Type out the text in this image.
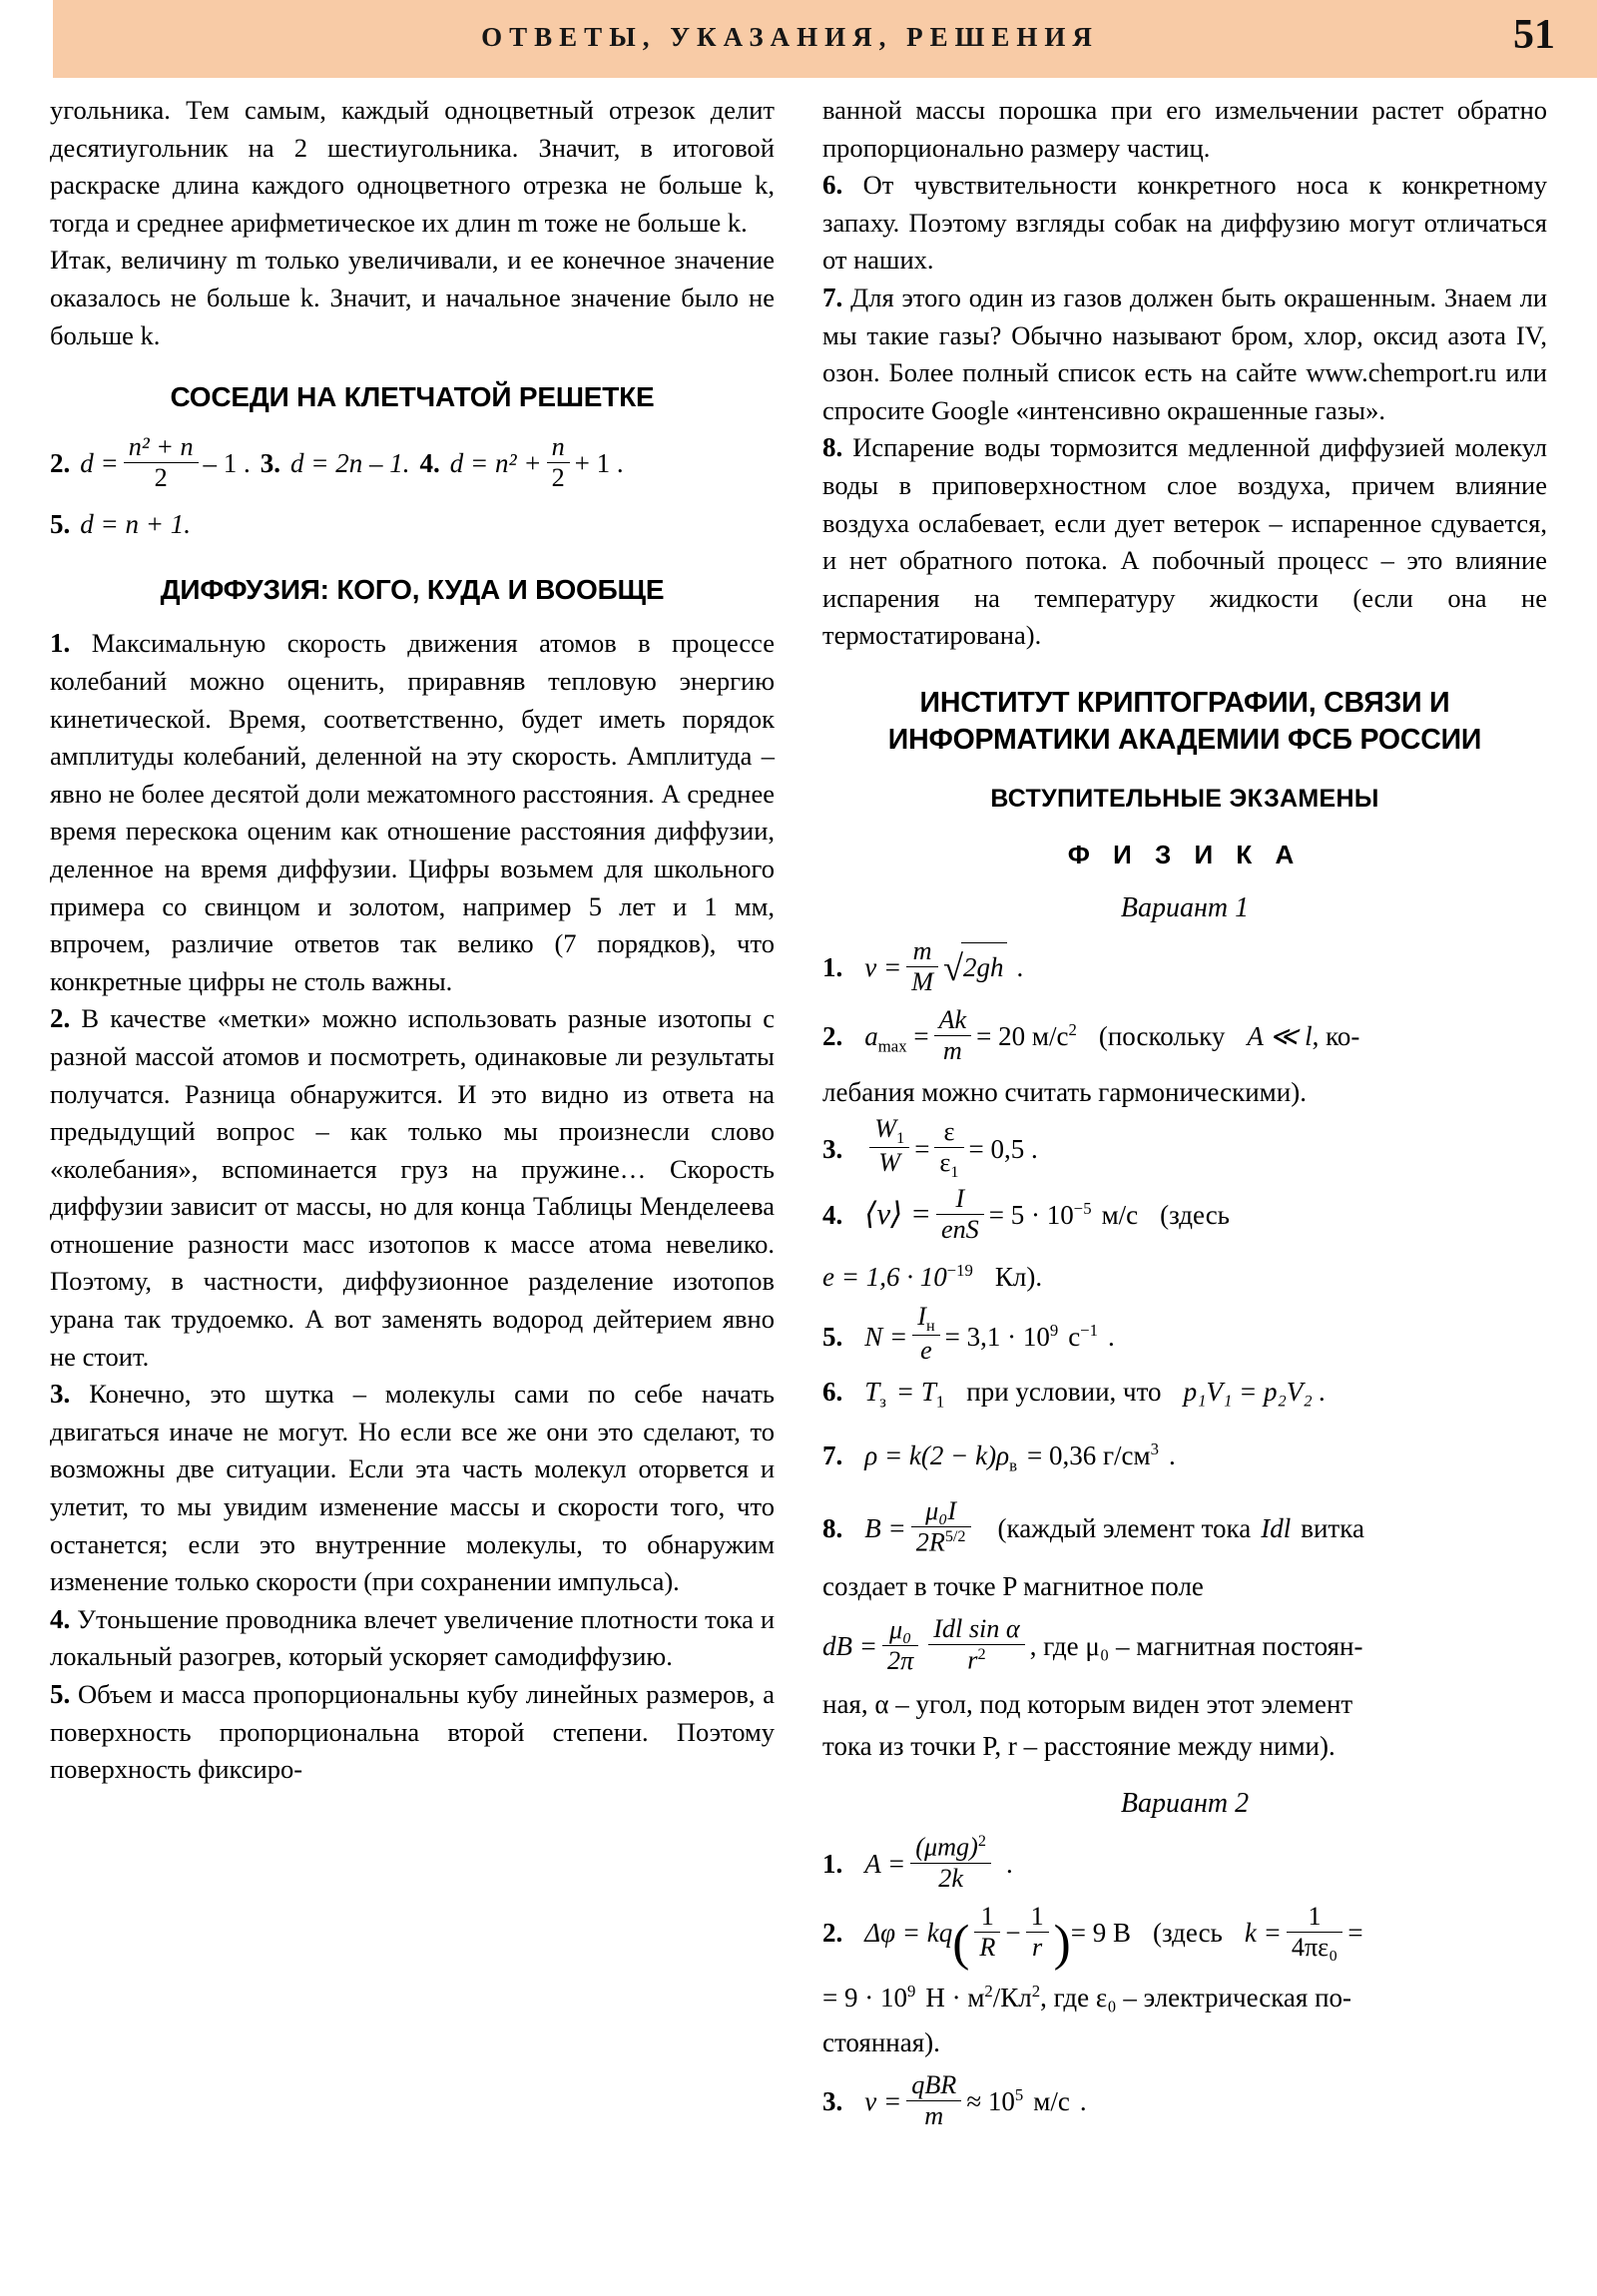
ОТВЕТЫ, УКАЗАНИЯ, РЕШЕНИЯ	51

угольника. Тем самым, каждый одноцветный отрезок делит десятиугольник на 2 шестиугольника. Значит, в итоговой раскраске длина каждого одноцветного отрезка не больше k, тогда и среднее арифметическое их длин m тоже не больше k.

Итак, величину m только увеличивали, и ее конечное значение оказалось не больше k. Значит, и начальное значение было не больше k.

СОСЕДИ НА КЛЕТЧАТОЙ РЕШЕТКЕ
2. $d = \frac{\text{n² + n}}{2} - 1$ . 3. d = 2n – 1. 4. $d = n^2 + \frac{n}{2} + 1$ .
5. d = n + 1.
ДИФФУЗИЯ: КОГО, КУДА И ВООБЩЕ

1. Максимальную скорость движения атомов в процессе колебаний можно оценить, приравняв тепловую энергию кинетической. Время, соответственно, будет иметь порядок амплитуды колебаний, деленной на эту скорость. Амплитуда – явно не более десятой доли межатомного расстояния. А среднее время перескока оценим как отношение расстояния диффузии, деленное на время диффузии. Цифры возьмем для школьного примера со свинцом и золотом, например 5 лет и 1 мм, впрочем, различие ответов так велико (7 порядков), что конкретные цифры не столь важны.

2. В качестве «метки» можно использовать разные изотопы с разной массой атомов и посмотреть, одинаковые ли результаты получатся. Разница обнаружится. И это видно из ответа на предыдущий вопрос – как только мы произнесли слово «колебания», вспоминается груз на пружине… Скорость диффузии зависит от массы, но для конца Таблицы Менделеева отношение разности масс изотопов к массе атома невелико. Поэтому, в частности, диффузионное разделение изотопов урана так трудоемко. А вот заменять водород дейтерием явно не стоит.

3. Конечно, это шутка – молекулы сами по себе начать двигаться иначе не могут. Но если все же они это сделают, то возможны две ситуации. Если эта часть молекул оторвется и улетит, то мы увидим изменение массы и скорости того, что останется; если это внутренние молекулы, то обнаружим изменение только скорости (при сохранении импульса).

4. Утоньшение проводника влечет увеличение плотности тока и локальный разогрев, который ускоряет самодиффузию.

5. Объем и масса пропорциональны кубу линейных размеров, а поверхность пропорциональна второй степени. Поэтому поверхность фиксиро-

ванной массы порошка при его измельчении растет обратно пропорционально размеру частиц.

6. От чувствительности конкретного носа к конкретному запаху. Поэтому взгляды собак на диффузию могут отличаться от наших.

7. Для этого один из газов должен быть окрашенным. Знаем ли мы такие газы? Обычно называют бром, хлор, оксид азота IV, озон. Более полный список есть на сайте www.chemport.ru или спросите Google «интенсивно окрашенные газы».

8. Испарение воды тормозится медленной диффузией молекул воды в приповерхностном слое воздуха, причем влияние воздуха ослабевает, если дует ветерок – испаренное сдувается, и нет обратного потока. А побочный процесс – это влияние испарения на температуру жидкости (если она не термостатирована).

ИНСТИТУТ КРИПТОГРАФИИ, СВЯЗИ И
ИНФОРМАТИКИ АКАДЕМИИ ФСБ РОССИИ
ВСТУПИТЕЛЬНЫЕ ЭКЗАМЕНЫ
Ф И З И К А
Вариант 1
1. $v = \frac{m}{M} √2gh$ .
2. $a_{max} = \frac{Ak}{m} = 20$ $м/с^2$ (поскольку A ≪ l, ко-
лебания можно считать гармоническими).
3. $\frac{W_1}{W} = \frac{\varepsilon}{\varepsilon_1} = 0,5$ .
4. ⟨v⟩ = $\frac{I}{\text{enS}} = 5 \cdot 10^{-5}$ м/с (здесь
$e = 1,6 \cdot 10^{-19}$ Кл).
5. $N = \frac{I_н}{e} = 3,1 \cdot 10^9$ $с^{-1}$ .
6. $T_з = T_1$ при условии, что p₁V₁ = p₂V₂ .
7. $\rho = k(2 - k)\rho_в = 0,36$ $г/см^3$ .
8. $B = \frac{\text{μ₀I}}{2R^{5/2}}$ (каждый элемент тока Idl витка
создает в точке P магнитное поле
dB = $\frac{\text{μ₀}}{2\pi} \frac{\text{Idl sin α}}{r^2}$ , где μ₀ – магнитная постоян-
ная, α – угол, под которым виден этот элемент
тока из точки P, r – расстояние между ними).
Вариант 2
1. $A = \frac{(\mu mg)^2}{2k}$ .
2. $\Delta\varphi = kq( \frac{1}{R} - \frac{1}{r}$ )= 9 В (здесь $k = \frac{1}{\text{4πε₀}}$ =
= $9 \cdot 10^9$ $Н \cdot м^2/Кл^2$, где ε₀ – электрическая по-
стоянная).
3. $v = \frac{\text{qBR}}{m} \approx 10^5$ м/с .
